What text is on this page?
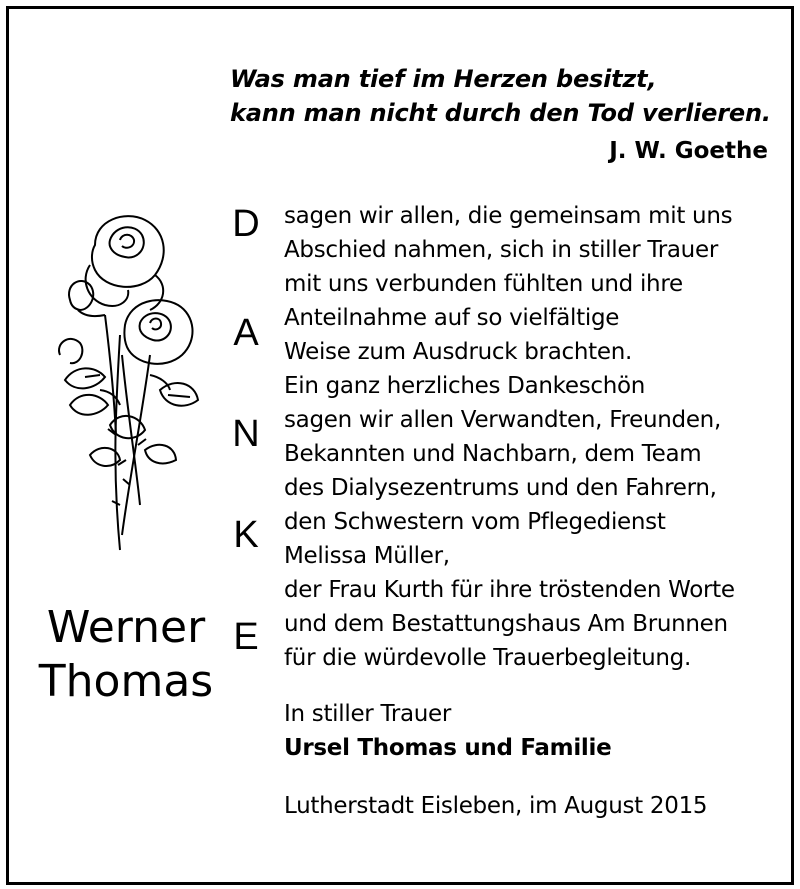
Was man tief im Herzen besitzt,
kann man nicht durch den Tod verlieren.
J. W. Goethe
D
A
N
K
E
Werner
Thomas
sagen wir allen, die gemeinsam mit uns
Abschied nahmen, sich in stiller Trauer
mit uns verbunden fühlten und ihre
Anteilnahme auf so vielfältige
Weise zum Ausdruck brachten.
Ein ganz herzliches Dankeschön
sagen wir allen Verwandten, Freunden,
Bekannten und Nachbarn, dem Team
des Dialysezentrums und den Fahrern,
den Schwestern vom Pflegedienst
Melissa Müller,
der Frau Kurth für ihre tröstenden Worte
und dem Bestattungshaus Am Brunnen
für die würdevolle Trauerbegleitung.
In stiller Trauer
Ursel Thomas und Familie
Lutherstadt Eisleben, im August 2015
